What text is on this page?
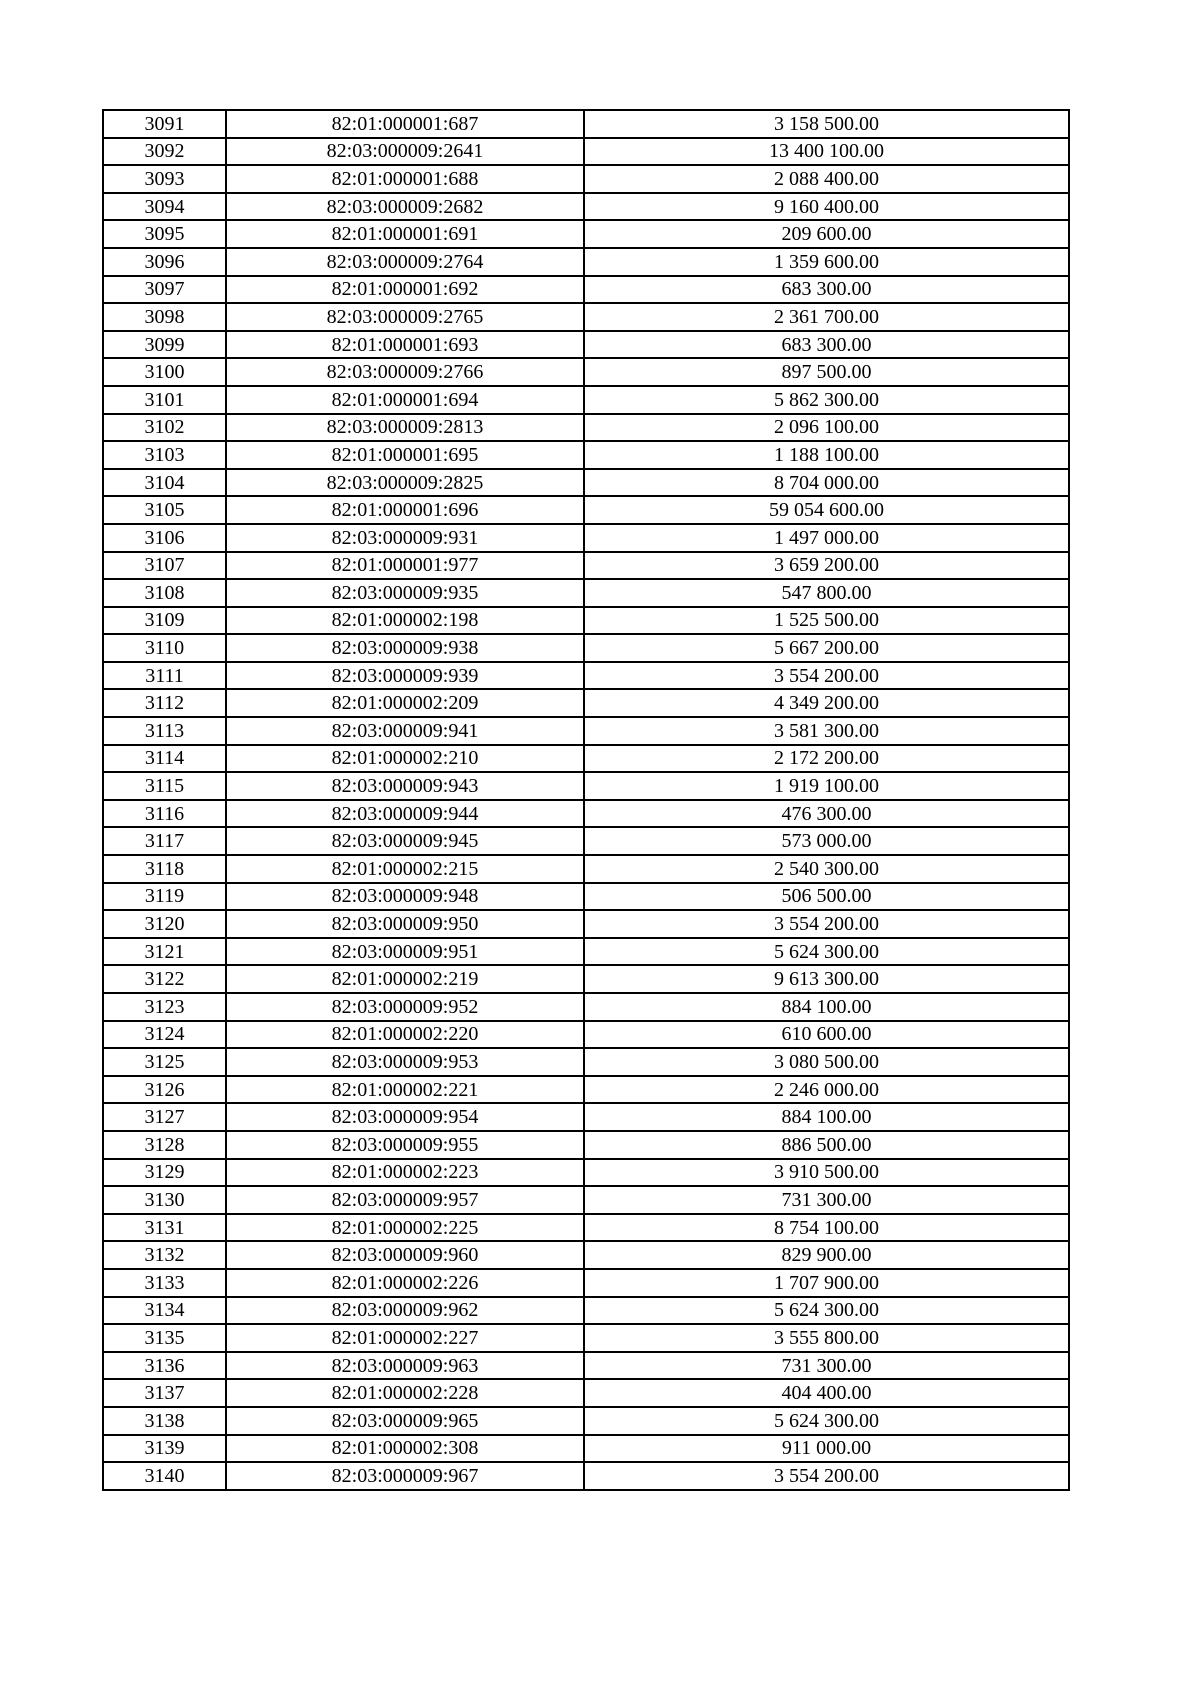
3091	82:01:000001:687	3 158 500.00
3092	82:03:000009:2641	13 400 100.00
3093	82:01:000001:688	2 088 400.00
3094	82:03:000009:2682	9 160 400.00
3095	82:01:000001:691	209 600.00
3096	82:03:000009:2764	1 359 600.00
3097	82:01:000001:692	683 300.00
3098	82:03:000009:2765	2 361 700.00
3099	82:01:000001:693	683 300.00
3100	82:03:000009:2766	897 500.00
3101	82:01:000001:694	5 862 300.00
3102	82:03:000009:2813	2 096 100.00
3103	82:01:000001:695	1 188 100.00
3104	82:03:000009:2825	8 704 000.00
3105	82:01:000001:696	59 054 600.00
3106	82:03:000009:931	1 497 000.00
3107	82:01:000001:977	3 659 200.00
3108	82:03:000009:935	547 800.00
3109	82:01:000002:198	1 525 500.00
3110	82:03:000009:938	5 667 200.00
3111	82:03:000009:939	3 554 200.00
3112	82:01:000002:209	4 349 200.00
3113	82:03:000009:941	3 581 300.00
3114	82:01:000002:210	2 172 200.00
3115	82:03:000009:943	1 919 100.00
3116	82:03:000009:944	476 300.00
3117	82:03:000009:945	573 000.00
3118	82:01:000002:215	2 540 300.00
3119	82:03:000009:948	506 500.00
3120	82:03:000009:950	3 554 200.00
3121	82:03:000009:951	5 624 300.00
3122	82:01:000002:219	9 613 300.00
3123	82:03:000009:952	884 100.00
3124	82:01:000002:220	610 600.00
3125	82:03:000009:953	3 080 500.00
3126	82:01:000002:221	2 246 000.00
3127	82:03:000009:954	884 100.00
3128	82:03:000009:955	886 500.00
3129	82:01:000002:223	3 910 500.00
3130	82:03:000009:957	731 300.00
3131	82:01:000002:225	8 754 100.00
3132	82:03:000009:960	829 900.00
3133	82:01:000002:226	1 707 900.00
3134	82:03:000009:962	5 624 300.00
3135	82:01:000002:227	3 555 800.00
3136	82:03:000009:963	731 300.00
3137	82:01:000002:228	404 400.00
3138	82:03:000009:965	5 624 300.00
3139	82:01:000002:308	911 000.00
3140	82:03:000009:967	3 554 200.00
